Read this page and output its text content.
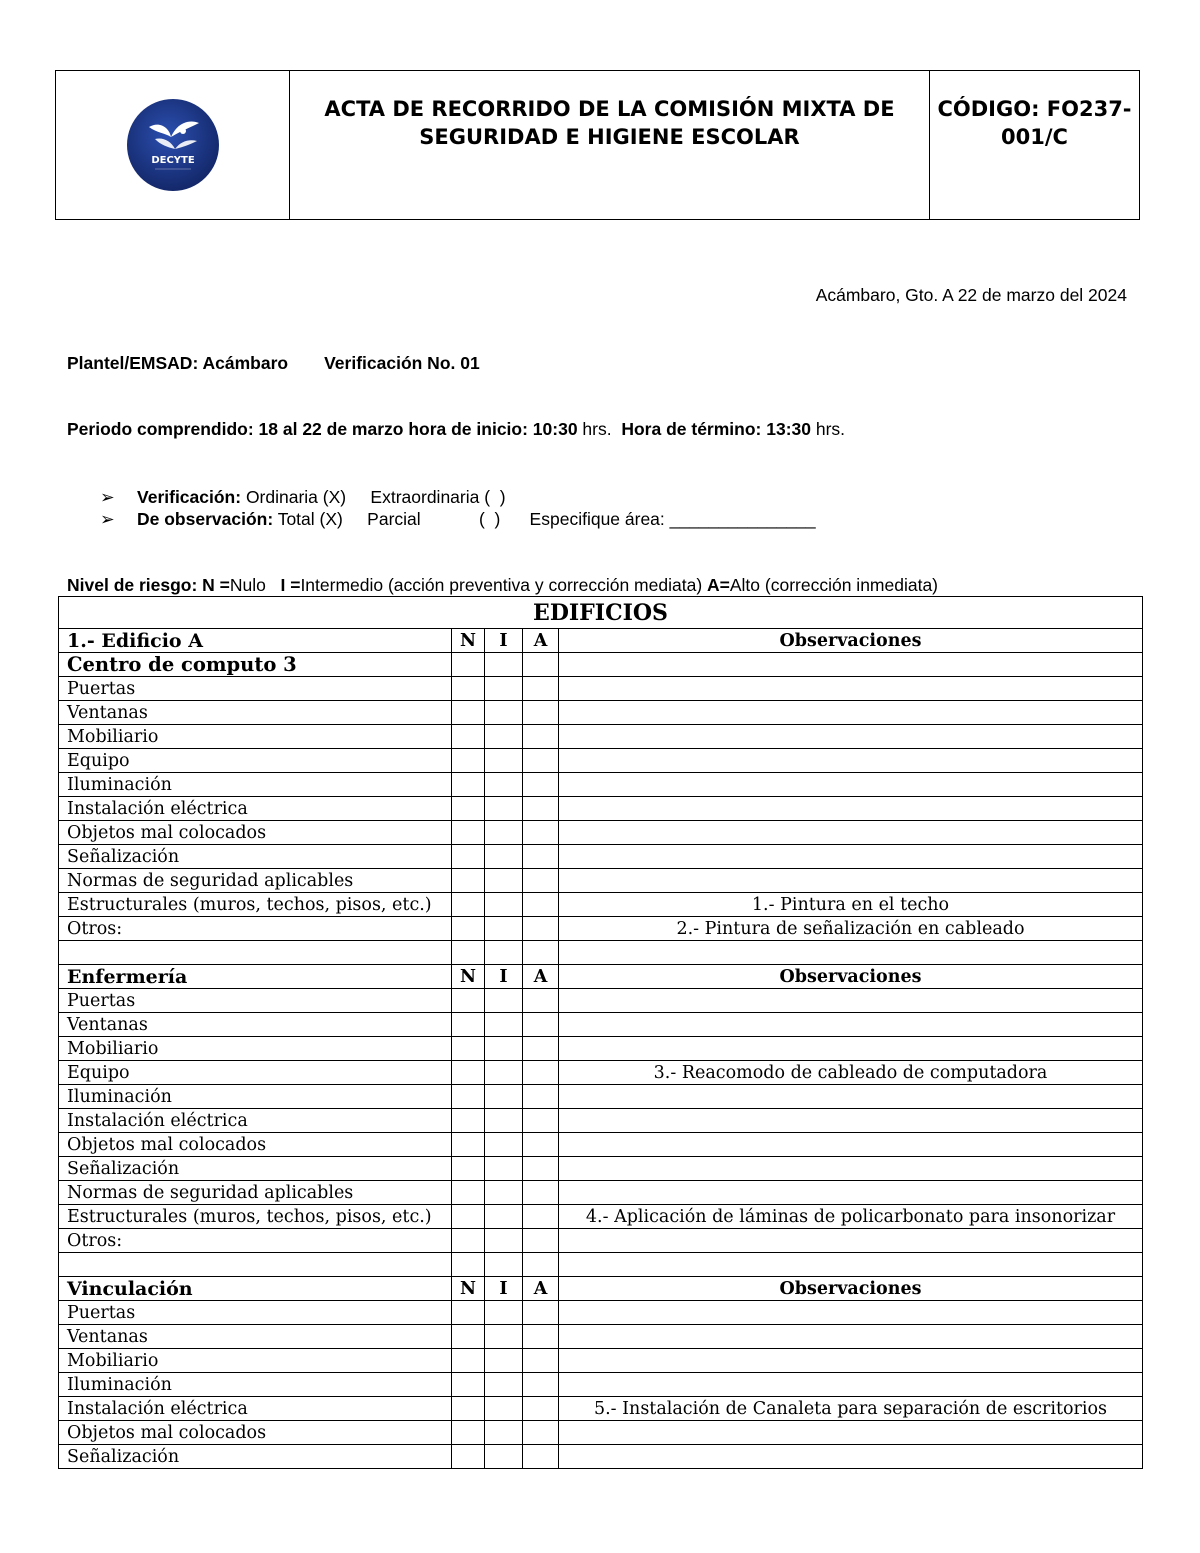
DECYTE
ACTA DE RECORRIDO DE LA COMISIÓN MIXTA DE
SEGURIDAD E HIGIENE ESCOLAR
CÓDIGO: FO237-
001/C
Acámbaro, Gto. A 22 de marzo del 2024
Plantel/EMSAD: Acámbaro Verificación No. 01
Periodo comprendido: 18 al 22 de marzo hora de inicio: 10:30 hrs. Hora de término: 13:30 hrs.
➢ Verificación: Ordinaria (X)     Extraordinaria (  )
➢ De observación: Total (X)     Parcial            (  )      Especifique área: _______________
Nivel de riesgo: N =Nulo   I =Intermedio (acción preventiva y corrección mediata) A=Alto (corrección inmediata)
EDIFICIOS				
1.- Edificio A	N	I	A	Observaciones
Centro de computo 3				
Puertas				
Ventanas				
Mobiliario				
Equipo				
Iluminación				
Instalación eléctrica				
Objetos mal colocados				
Señalización				
Normas de seguridad aplicables				
Estructurales (muros, techos, pisos, etc.)				1.- Pintura en el techo
Otros:				2.- Pintura de señalización en cableado

Enfermería	N	I	A	Observaciones
Puertas				
Ventanas				
Mobiliario				
Equipo				3.- Reacomodo de cableado de computadora
Iluminación				
Instalación eléctrica				
Objetos mal colocados				
Señalización				
Normas de seguridad aplicables				
Estructurales (muros, techos, pisos, etc.)				4.- Aplicación de láminas de policarbonato para insonorizar
Otros:				

Vinculación	N	I	A	Observaciones
Puertas				
Ventanas				
Mobiliario				
Iluminación				
Instalación eléctrica				5.- Instalación de Canaleta para separación de escritorios
Objetos mal colocados				
Señalización				
